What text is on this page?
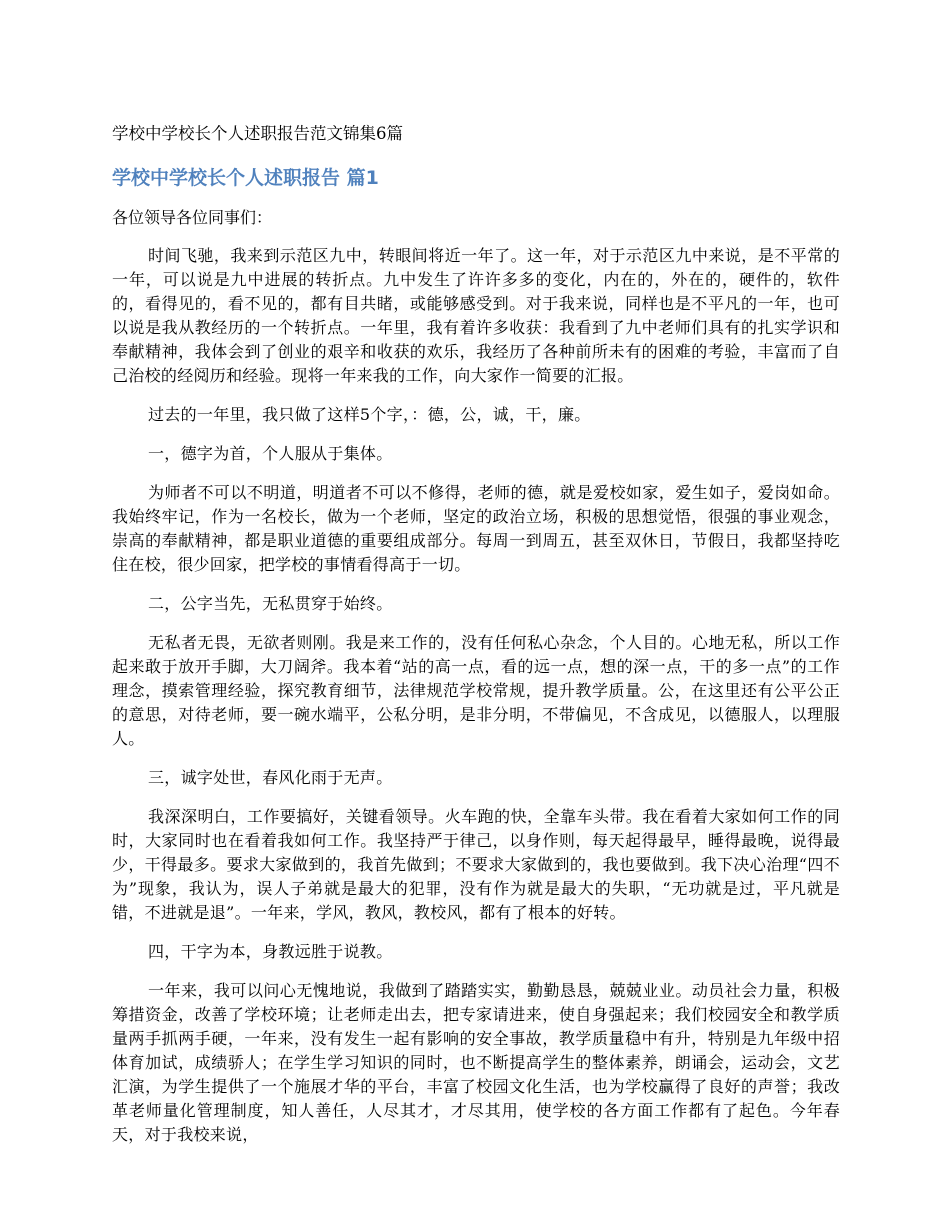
学校中学校长个人述职报告范文锦集6篇
学校中学校长个人述职报告 篇1

各位领导各位同事们：

时间飞驰，我来到示范区九中，转眼间将近一年了。这一年，对于示范区九中来说，是不平常的一年，可以说是九中进展的转折点。九中发生了许许多多的变化，内在的，外在的，硬件的，软件的，看得见的，看不见的，都有目共睹，或能够感受到。对于我来说，同样也是不平凡的一年，也可以说是我从教经历的一个转折点。一年里，我有着许多收获：我看到了九中老师们具有的扎实学识和奉献精神，我体会到了创业的艰辛和收获的欢乐，我经历了各种前所未有的困难的考验，丰富而了自己治校的经阅历和经验。现将一年来我的工作，向大家作一简要的汇报。

过去的一年里，我只做了这样5个字，：德，公，诚，干，廉。

一，德字为首，个人服从于集体。

为师者不可以不明道，明道者不可以不修得，老师的德，就是爱校如家，爱生如子，爱岗如命。我始终牢记，作为一名校长，做为一个老师，坚定的政治立场，积极的思想觉悟，很强的事业观念，崇高的奉献精神，都是职业道德的重要组成部分。每周一到周五，甚至双休日，节假日，我都坚持吃住在校，很少回家，把学校的事情看得高于一切。

二，公字当先，无私贯穿于始终。

无私者无畏，无欲者则刚。我是来工作的，没有任何私心杂念，个人目的。心地无私，所以工作起来敢于放开手脚，大刀阔斧。我本着“站的高一点，看的远一点，想的深一点，干的多一点”的工作理念，摸索管理经验，探究教育细节，法律规范学校常规，提升教学质量。公，在这里还有公平公正的意思，对待老师，要一碗水端平，公私分明，是非分明，不带偏见，不含成见，以德服人，以理服人。

三，诚字处世，春风化雨于无声。

我深深明白，工作要搞好，关键看领导。火车跑的快，全靠车头带。我在看着大家如何工作的同时，大家同时也在看着我如何工作。我坚持严于律己，以身作则，每天起得最早，睡得最晚，说得最少，干得最多。要求大家做到的，我首先做到；不要求大家做到的，我也要做到。我下决心治理“四不为”现象，我认为，误人子弟就是最大的犯罪，没有作为就是最大的失职，“无功就是过，平凡就是错，不进就是退”。一年来，学风，教风，教校风，都有了根本的好转。

四，干字为本，身教远胜于说教。

一年来，我可以问心无愧地说，我做到了踏踏实实，勤勤恳恳，兢兢业业。动员社会力量，积极筹措资金，改善了学校环境；让老师走出去，把专家请进来，使自身强起来；我们校园安全和教学质量两手抓两手硬，一年来，没有发生一起有影响的安全事故，教学质量稳中有升，特别是九年级中招体育加试，成绩骄人；在学生学习知识的同时，也不断提高学生的整体素养，朗诵会，运动会，文艺汇演，为学生提供了一个施展才华的平台，丰富了校园文化生活，也为学校赢得了良好的声誉；我改革老师量化管理制度，知人善任，人尽其才，才尽其用，使学校的各方面工作都有了起色。今年春天，对于我校来说，
